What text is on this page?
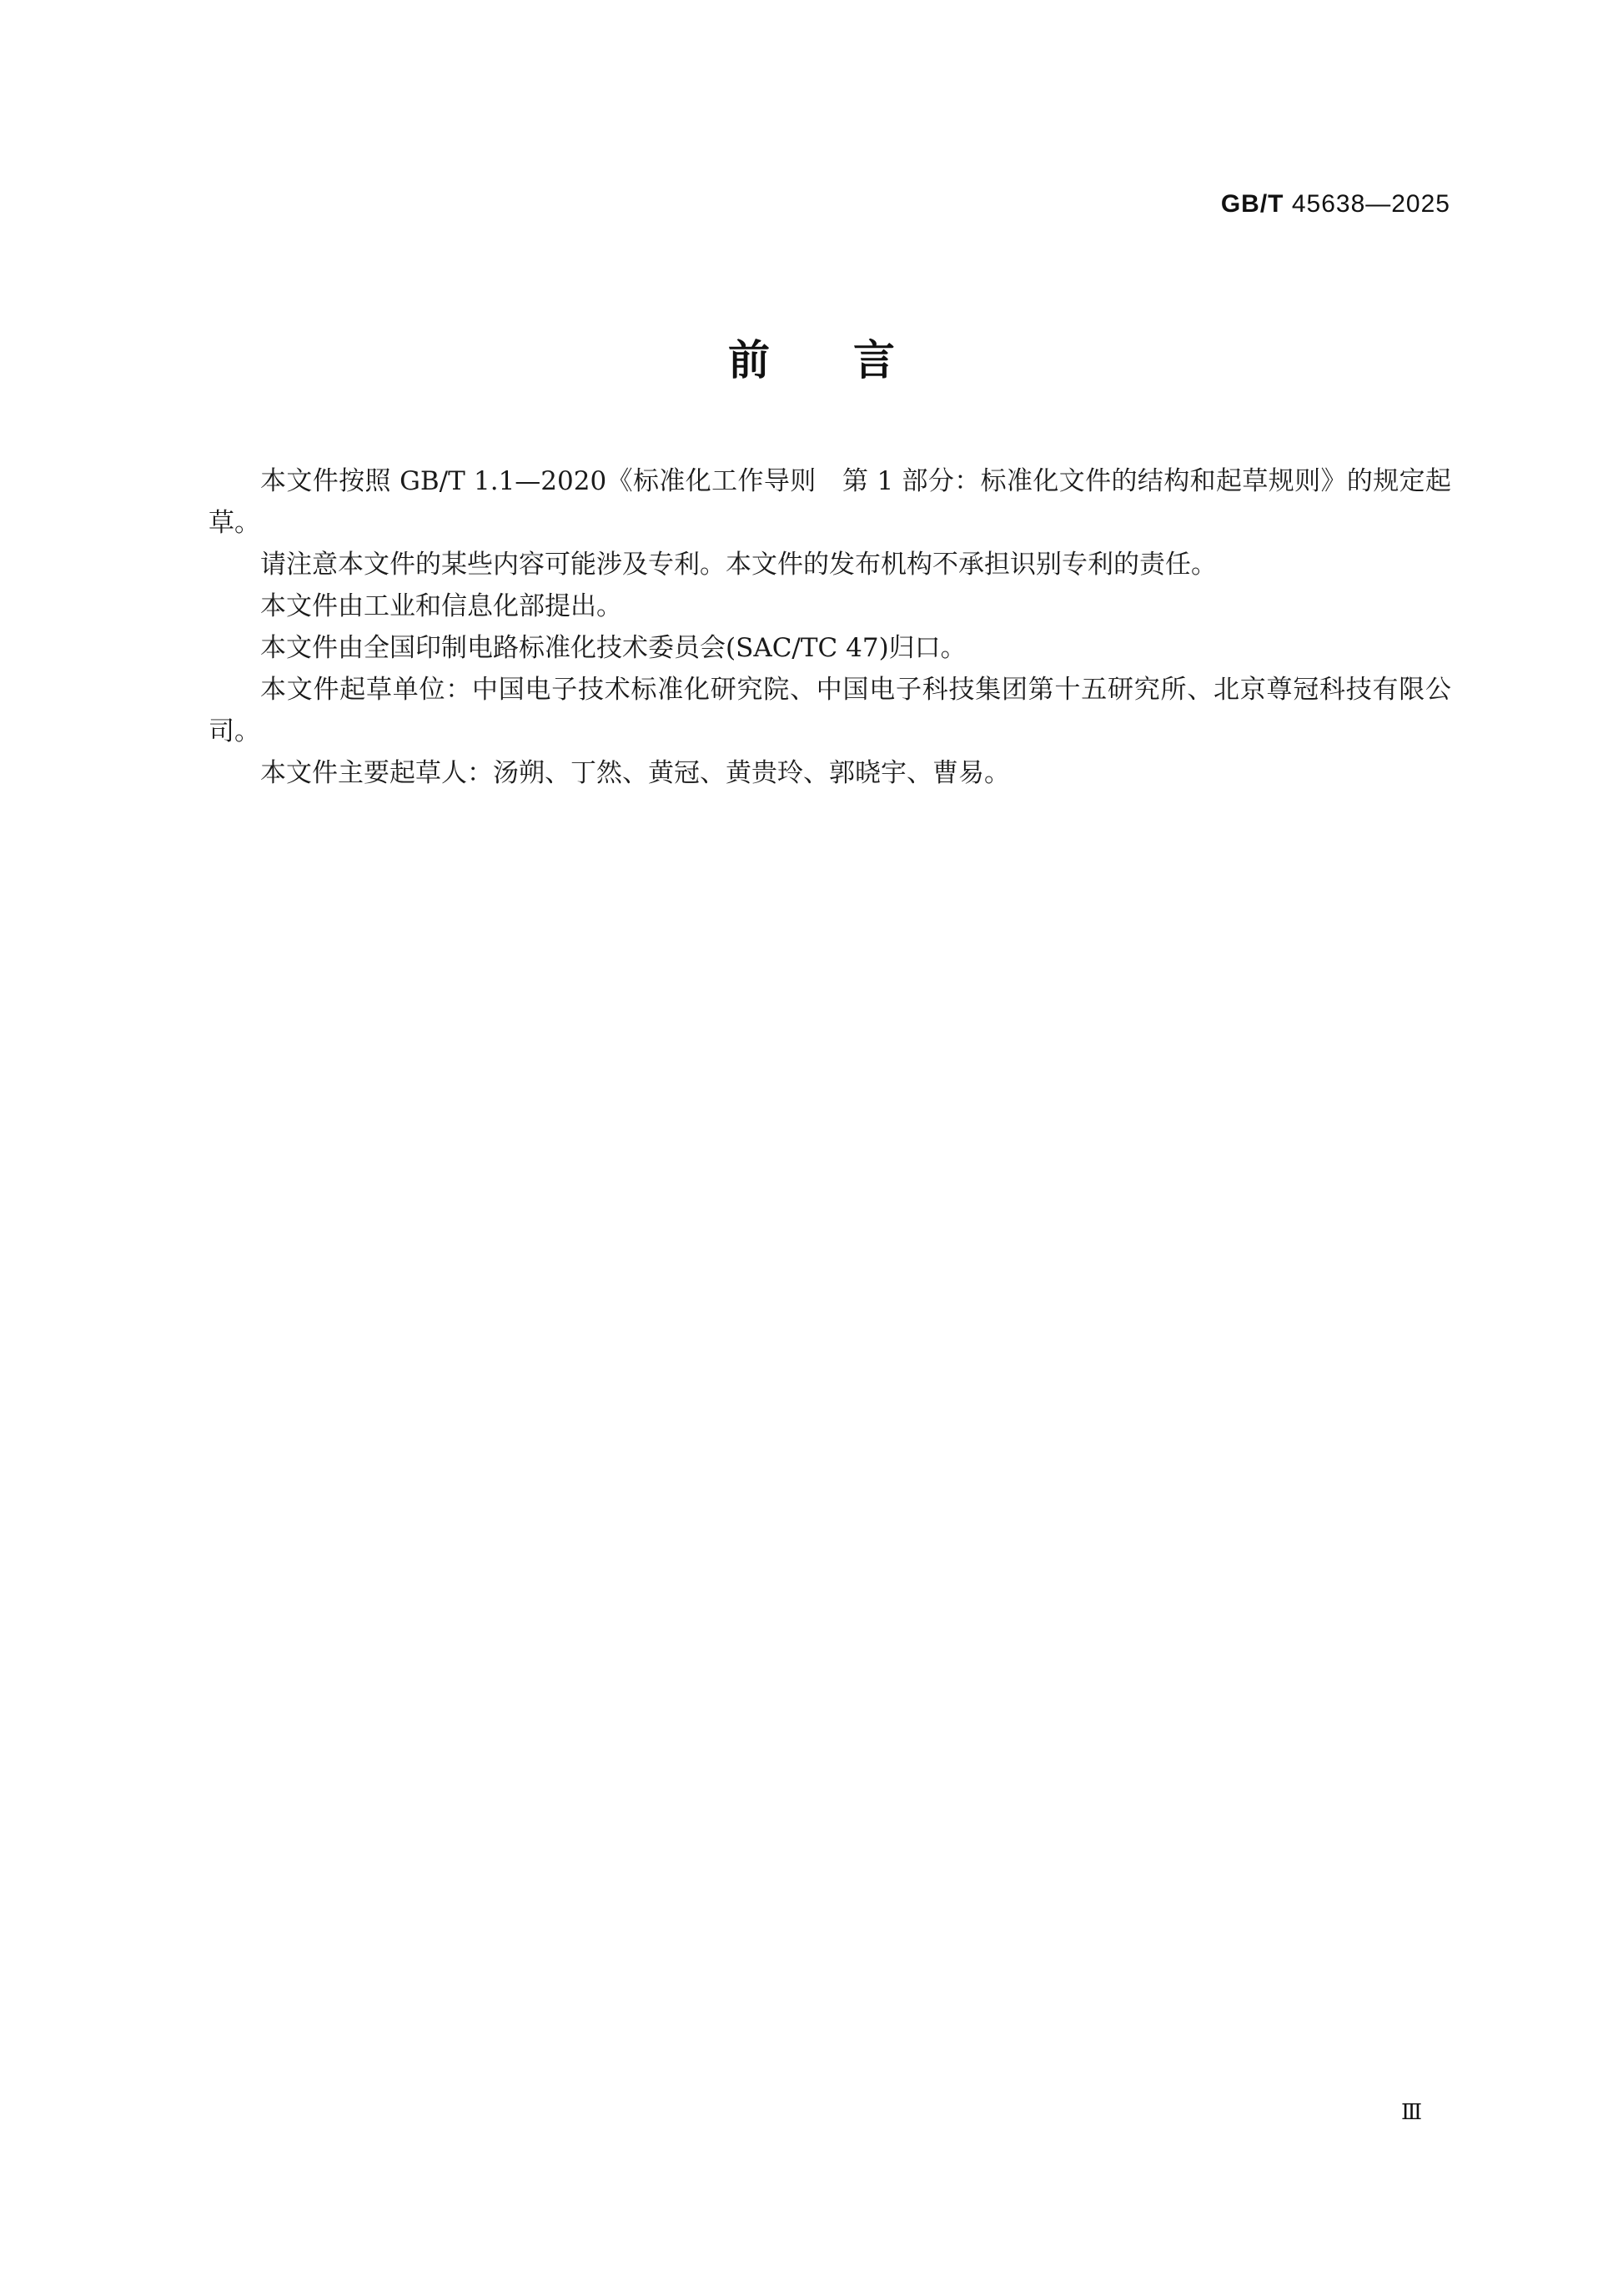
GB/T 45638—2025
前言

本文件按照 GB/T 1.1—2020《标准化工作导则　第 1 部分：标准化文件的结构和起草规则》的规定起草。

请注意本文件的某些内容可能涉及专利。本文件的发布机构不承担识别专利的责任。

本文件由工业和信息化部提出。

本文件由全国印制电路标准化技术委员会(SAC/TC 47)归口。

本文件起草单位：中国电子技术标准化研究院、中国电子科技集团第十五研究所、北京尊冠科技有限公司。

本文件主要起草人：汤朔、丁然、黄冠、黄贵玲、郭晓宇、曹易。

Ⅲ
